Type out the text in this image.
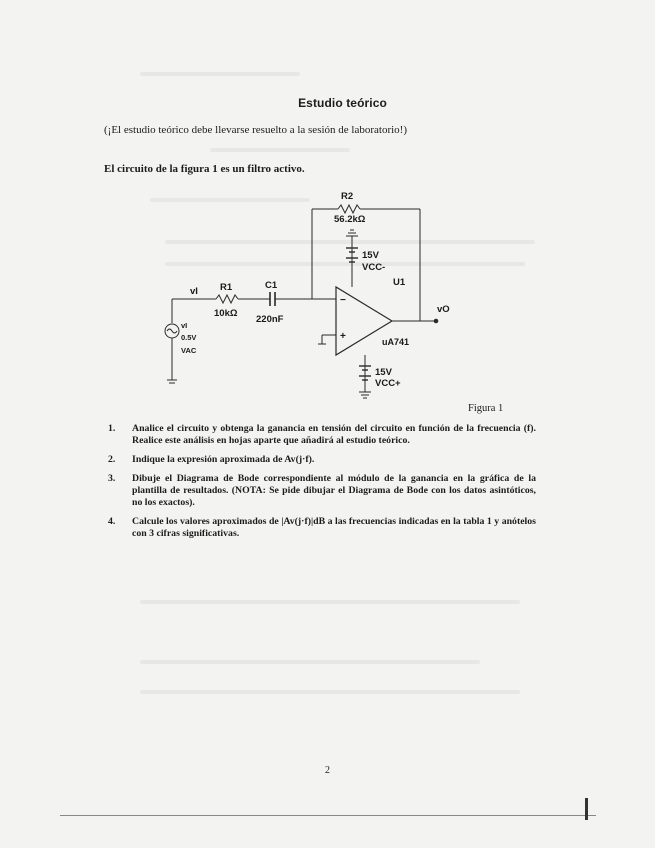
Estudio teórico
(¡El estudio teórico debe llevarse resuelto a la sesión de laboratorio!)
El circuito de la figura 1 es un filtro activo.
−
+
R2
56.2kΩ
15V
VCC-
U1
vI R1	C1
10kΩ
220nF
vO
uA741
vI
0.5V
VAC
15V
VCC+
Figura 1
1. Analice el circuito y obtenga la ganancia en tensión del circuito en función de la frecuencia (f). Realice este análisis en hojas aparte que añadirá al estudio teórico.
2. Indique la expresión aproximada de Av(j·f).
3. Dibuje el Diagrama de Bode correspondiente al módulo de la ganancia en la gráfica de la plantilla de resultados. (NOTA: Se pide dibujar el Diagrama de Bode con los datos asintóticos, no los exactos).
4. Calcule los valores aproximados de |Av(j·f)|dB a las frecuencias indicadas en la tabla 1 y anótelos con 3 cifras significativas.
2
